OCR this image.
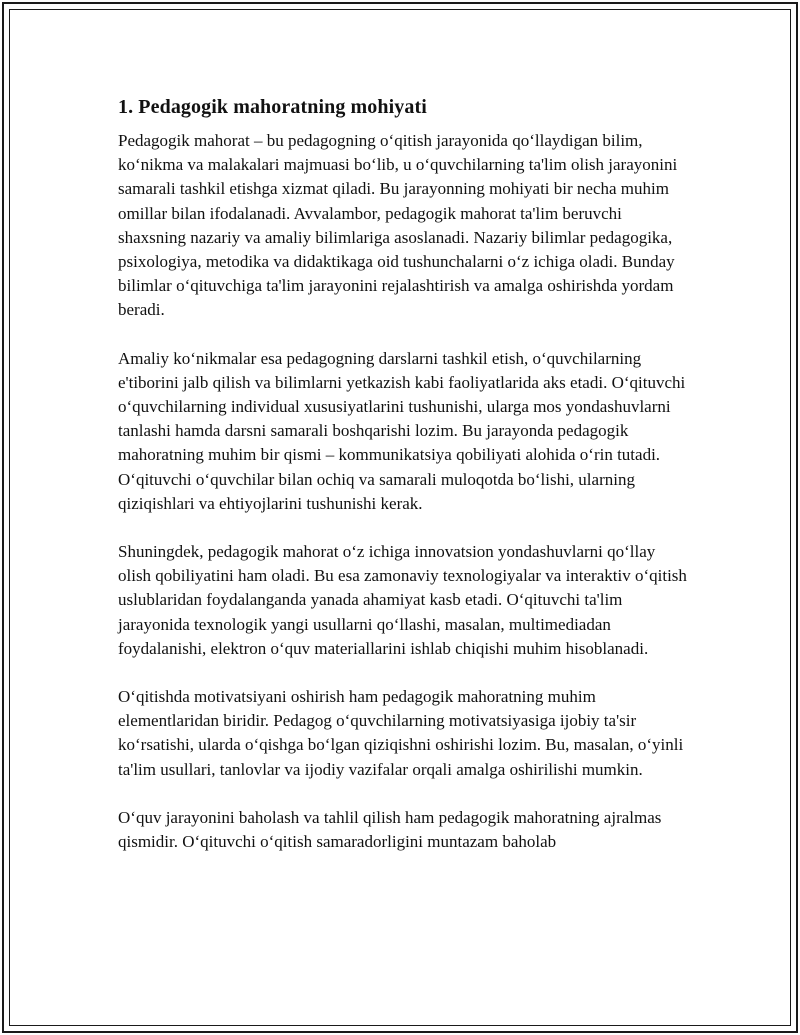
1. Pedagogik mahoratning mohiyati

Pedagogik mahorat – bu pedagogning o‘qitish jarayonida qo‘llaydigan bilim, ko‘nikma va malakalari majmuasi bo‘lib, u o‘quvchilarning ta'lim olish jarayonini samarali tashkil etishga xizmat qiladi. Bu jarayonning mohiyati bir necha muhim omillar bilan ifodalanadi. Avvalambor, pedagogik mahorat ta'lim beruvchi shaxsning nazariy va amaliy bilimlariga asoslanadi. Nazariy bilimlar pedagogika, psixologiya, metodika va didaktikaga oid tushunchalarni o‘z ichiga oladi. Bunday bilimlar o‘qituvchiga ta'lim jarayonini rejalashtirish va amalga oshirishda yordam beradi.

Amaliy ko‘nikmalar esa pedagogning darslarni tashkil etish, o‘quvchilarning e'tiborini jalb qilish va bilimlarni yetkazish kabi faoliyatlarida aks etadi. O‘qituvchi o‘quvchilarning individual xususiyatlarini tushunishi, ularga mos yondashuvlarni tanlashi hamda darsni samarali boshqarishi lozim. Bu jarayonda pedagogik mahoratning muhim bir qismi – kommunikatsiya qobiliyati alohida o‘rin tutadi. O‘qituvchi o‘quvchilar bilan ochiq va samarali muloqotda bo‘lishi, ularning qiziqishlari va ehtiyojlarini tushunishi kerak.

Shuningdek, pedagogik mahorat o‘z ichiga innovatsion yondashuvlarni qo‘llay olish qobiliyatini ham oladi. Bu esa zamonaviy texnologiyalar va interaktiv o‘qitish uslublaridan foydalanganda yanada ahamiyat kasb etadi. O‘qituvchi ta'lim jarayonida texnologik yangi usullarni qo‘llashi, masalan, multimediadan foydalanishi, elektron o‘quv materiallarini ishlab chiqishi muhim hisoblanadi.

O‘qitishda motivatsiyani oshirish ham pedagogik mahoratning muhim elementlaridan biridir. Pedagog o‘quvchilarning motivatsiyasiga ijobiy ta'sir ko‘rsatishi, ularda o‘qishga bo‘lgan qiziqishni oshirishi lozim. Bu, masalan, o‘yinli ta'lim usullari, tanlovlar va ijodiy vazifalar orqali amalga oshirilishi mumkin.

O‘quv jarayonini baholash va tahlil qilish ham pedagogik mahoratning ajralmas qismidir. O‘qituvchi o‘qitish samaradorligini muntazam baholab
